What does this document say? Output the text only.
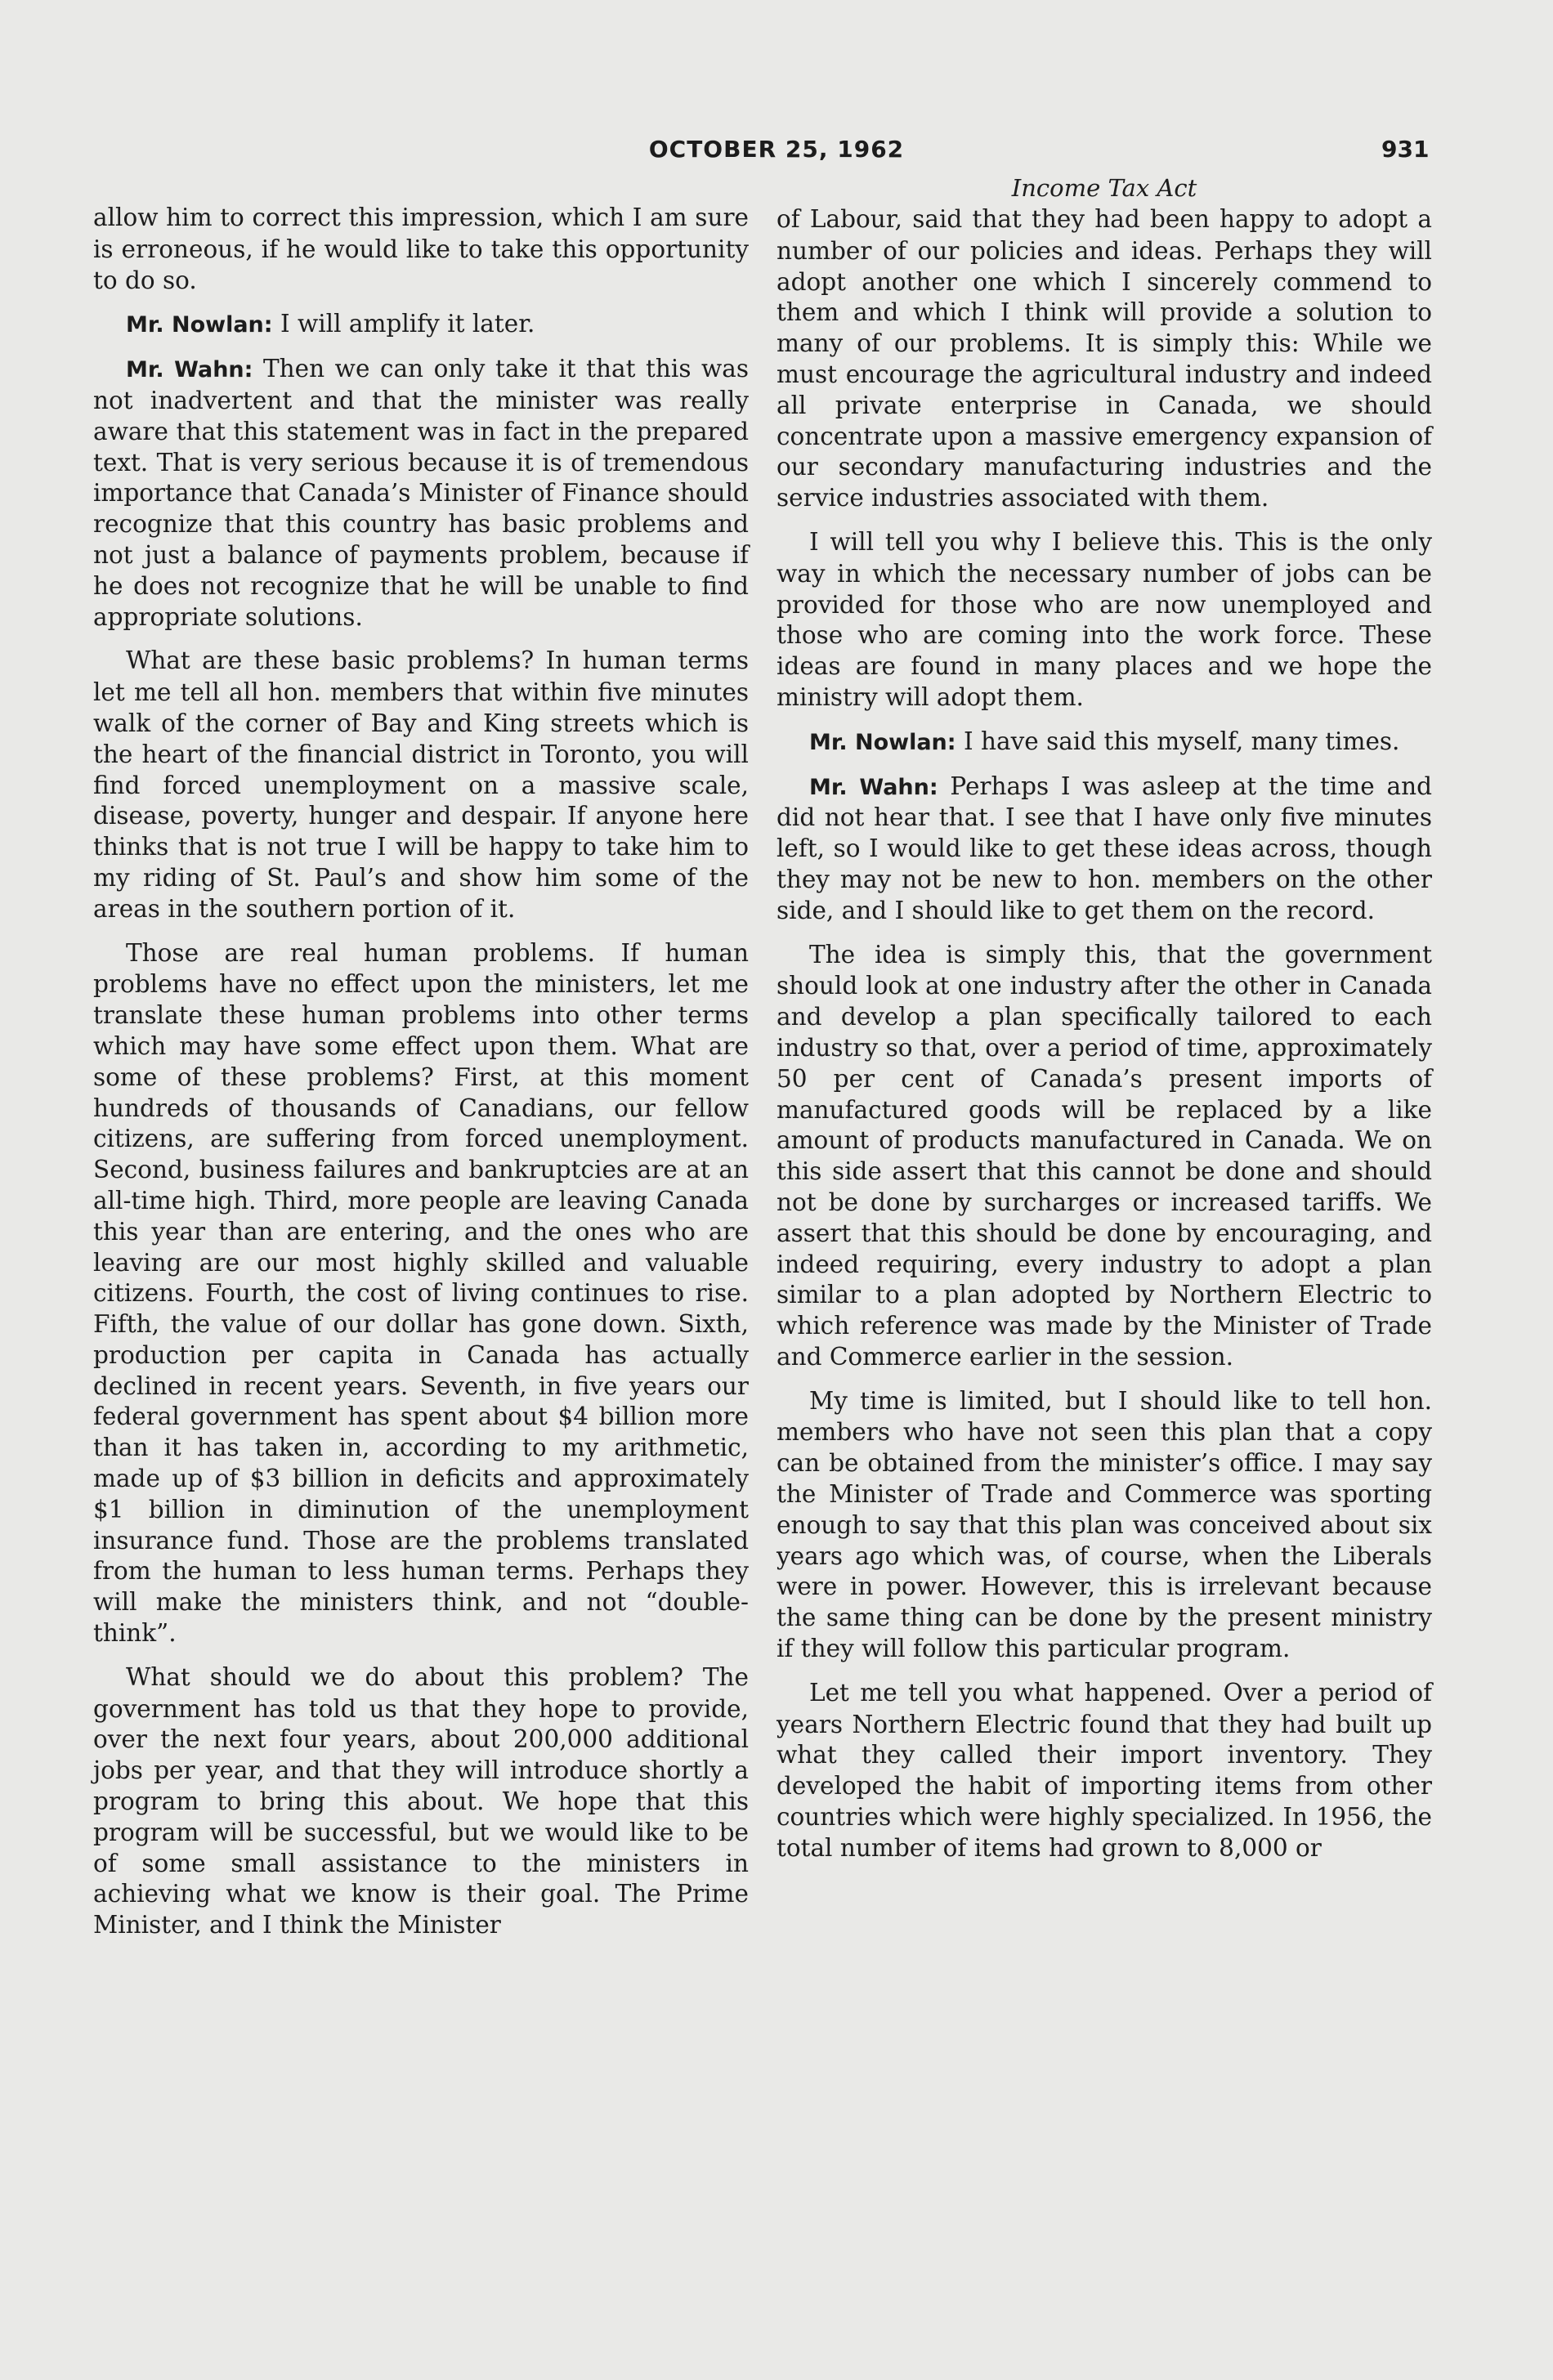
OCTOBER 25, 1962	931

allow him to correct this impression, which I am sure is erroneous, if he would like to take this opportunity to do so.

Mr. Nowlan: I will amplify it later.

Mr. Wahn: Then we can only take it that this was not inadvertent and that the minister was really aware that this statement was in fact in the prepared text. That is very serious because it is of tremendous importance that Canada’s Minister of Finance should recognize that this country has basic problems and not just a balance of payments problem, because if he does not recognize that he will be unable to find appropriate solutions.

What are these basic problems? In human terms let me tell all hon. members that within five minutes walk of the corner of Bay and King streets which is the heart of the financial district in Toronto, you will find forced unemployment on a massive scale, disease, poverty, hunger and despair. If anyone here thinks that is not true I will be happy to take him to my riding of St. Paul’s and show him some of the areas in the southern portion of it.

Those are real human problems. If human problems have no effect upon the ministers, let me translate these human problems into other terms which may have some effect upon them. What are some of these problems? First, at this moment hundreds of thousands of Canadians, our fellow citizens, are suffering from forced unemployment. Second, business failures and bankruptcies are at an all-time high. Third, more people are leaving Canada this year than are entering, and the ones who are leaving are our most highly skilled and valuable citizens. Fourth, the cost of living continues to rise. Fifth, the value of our dollar has gone down. Sixth, production per capita in Canada has actually declined in recent years. Seventh, in five years our federal government has spent about $4 billion more than it has taken in, according to my arithmetic, made up of $3 billion in deficits and approximately $1 billion in diminution of the unemployment insurance fund. Those are the problems translated from the human to less human terms. Perhaps they will make the ministers think, and not “double-think”.

What should we do about this problem? The government has told us that they hope to provide, over the next four years, about 200,000 additional jobs per year, and that they will introduce shortly a program to bring this about. We hope that this program will be successful, but we would like to be of some small assistance to the ministers in achieving what we know is their goal. The Prime Minister, and I think the Minister

Income Tax Act

of Labour, said that they had been happy to adopt a number of our policies and ideas. Perhaps they will adopt another one which I sincerely commend to them and which I think will provide a solution to many of our problems. It is simply this: While we must encourage the agricultural industry and indeed all private enterprise in Canada, we should concentrate upon a massive emergency expansion of our secondary manufacturing industries and the service industries associated with them.

I will tell you why I believe this. This is the only way in which the necessary number of jobs can be provided for those who are now unemployed and those who are coming into the work force. These ideas are found in many places and we hope the ministry will adopt them.

Mr. Nowlan: I have said this myself, many times.

Mr. Wahn: Perhaps I was asleep at the time and did not hear that. I see that I have only five minutes left, so I would like to get these ideas across, though they may not be new to hon. members on the other side, and I should like to get them on the record.

The idea is simply this, that the government should look at one industry after the other in Canada and develop a plan specifically tailored to each industry so that, over a period of time, approximately 50 per cent of Canada’s present imports of manufactured goods will be replaced by a like amount of products manufactured in Canada. We on this side assert that this cannot be done and should not be done by surcharges or increased tariffs. We assert that this should be done by encouraging, and indeed requiring, every industry to adopt a plan similar to a plan adopted by Northern Electric to which reference was made by the Minister of Trade and Commerce earlier in the session.

My time is limited, but I should like to tell hon. members who have not seen this plan that a copy can be obtained from the minister’s office. I may say the Minister of Trade and Commerce was sporting enough to say that this plan was conceived about six years ago which was, of course, when the Liberals were in power. However, this is irrelevant because the same thing can be done by the present ministry if they will follow this particular program.

Let me tell you what happened. Over a period of years Northern Electric found that they had built up what they called their import inventory. They developed the habit of importing items from other countries which were highly specialized. In 1956, the total number of items had grown to 8,000 or
